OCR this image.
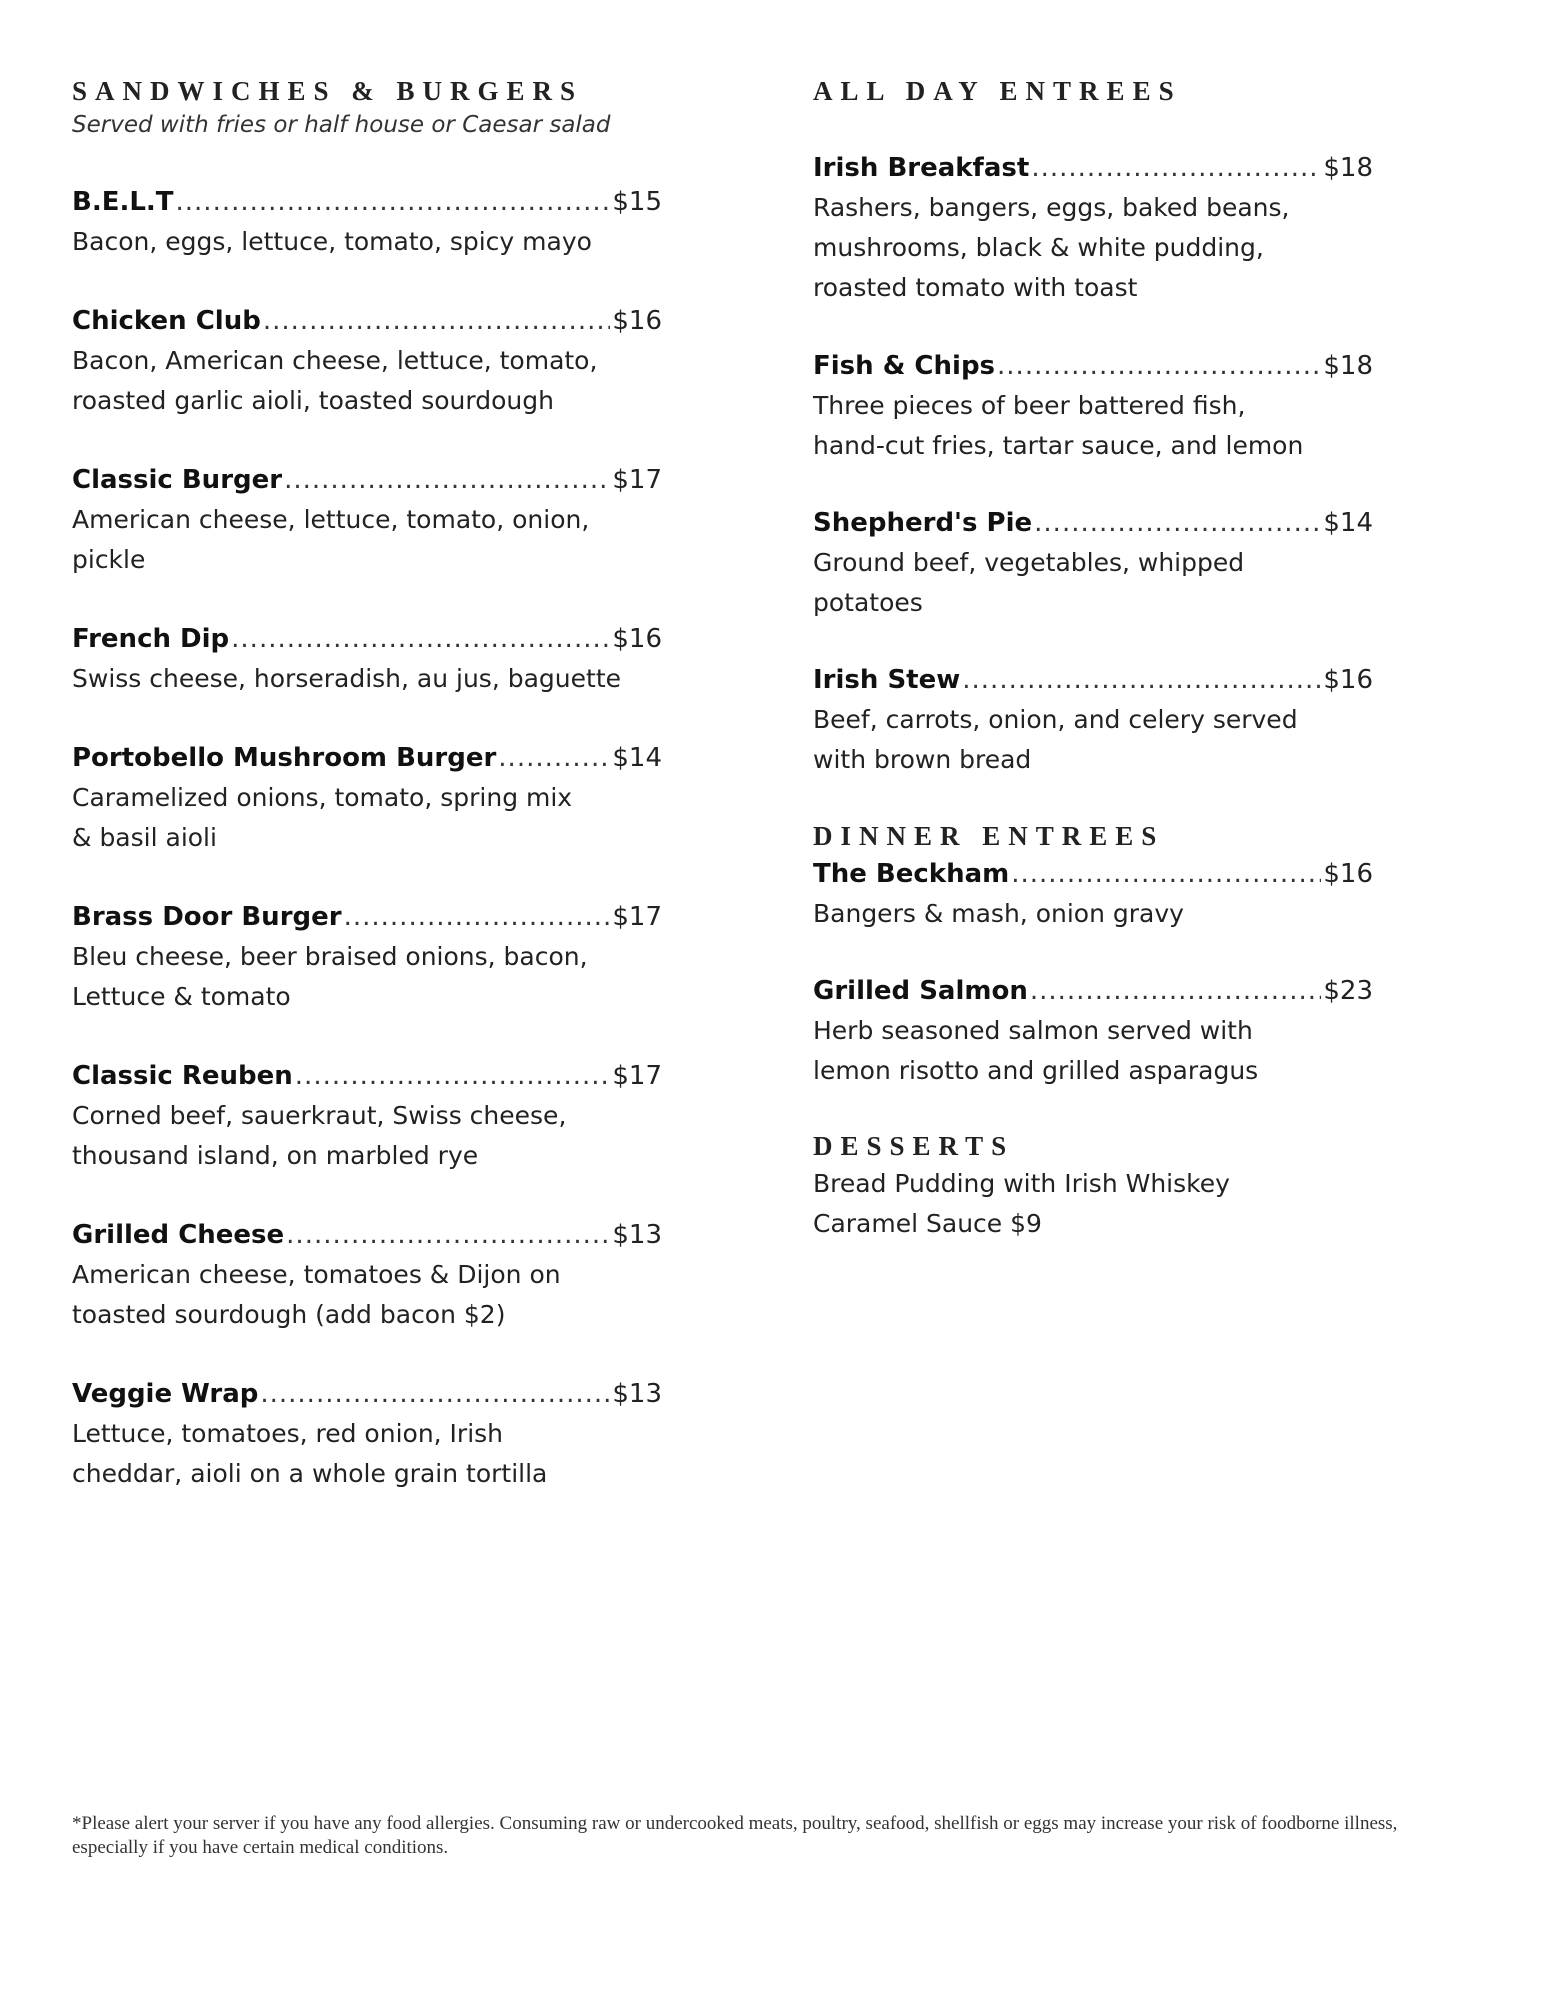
SANDWICHES & BURGERS
Served with fries or half house or Caesar salad
B.E.L.T .....	$15
Bacon, eggs, lettuce, tomato, spicy mayo
Chicken Club .....	$16
Bacon, American cheese, lettuce, tomato,
roasted garlic aioli, toasted sourdough
Classic Burger .....	$17
American cheese, lettuce, tomato, onion,
pickle
French Dip .....	$16
Swiss cheese, horseradish, au jus, baguette
Portobello Mushroom Burger .....	$14
Caramelized onions, tomato, spring mix
& basil aioli
Brass Door Burger .....	$17
Bleu cheese, beer braised onions, bacon,
Lettuce & tomato
Classic Reuben .....	$17
Corned beef, sauerkraut, Swiss cheese,
thousand island, on marbled rye
Grilled Cheese .....	$13
American cheese, tomatoes & Dijon on
toasted sourdough (add bacon $2)
Veggie Wrap .....	$13
Lettuce, tomatoes, red onion, Irish
cheddar, aioli on a whole grain tortilla
ALL DAY ENTREES
Irish Breakfast .....	$18
Rashers, bangers, eggs, baked beans,
mushrooms, black & white pudding,
roasted tomato with toast
Fish & Chips .....	$18
Three pieces of beer battered fish,
hand-cut fries, tartar sauce, and lemon
Shepherd's Pie .....	$14
Ground beef, vegetables, whipped
potatoes
Irish Stew .....	$16
Beef, carrots, onion, and celery served
with brown bread
DINNER ENTREES
The Beckham .....	$16
Bangers & mash, onion gravy
Grilled Salmon .....	$23
Herb seasoned salmon served with
lemon risotto and grilled asparagus
DESSERTS
Bread Pudding with Irish Whiskey
Caramel Sauce $9
*Please alert your server if you have any food allergies. Consuming raw or undercooked meats, poultry, seafood, shellfish or eggs may increase your risk of foodborne illness, especially if you have certain medical conditions.
